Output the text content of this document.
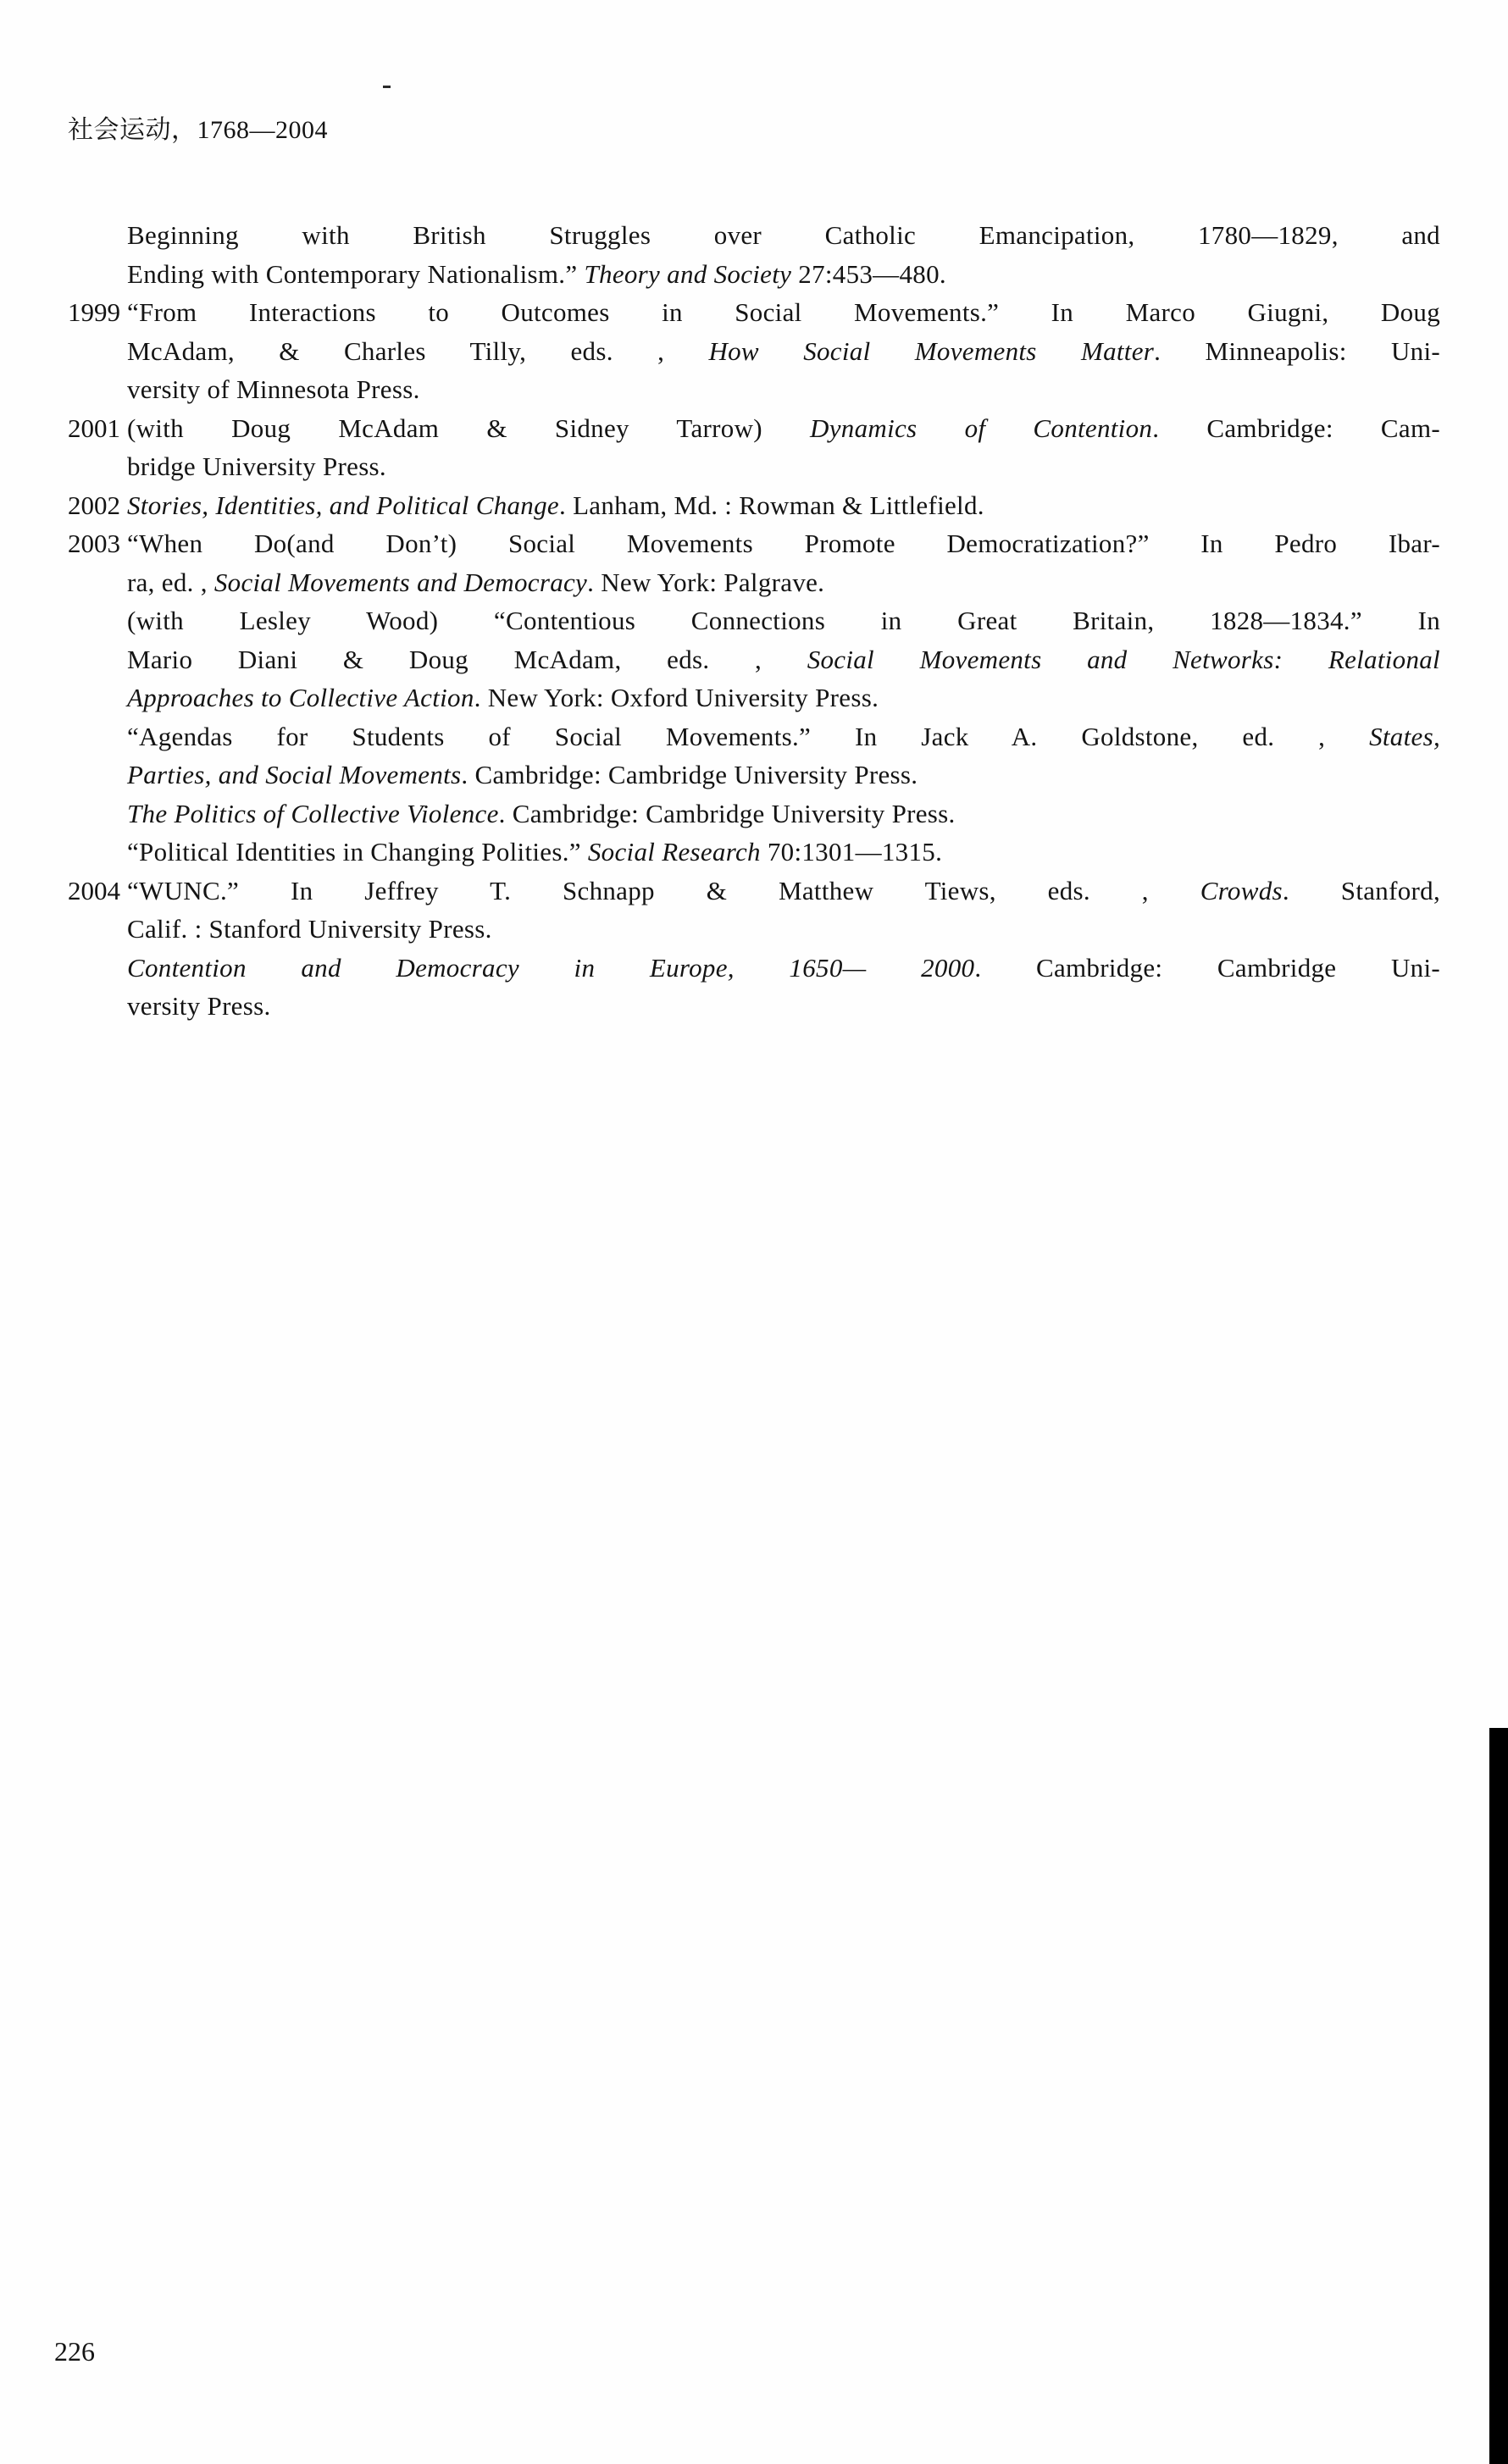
社会运动，1768—2004
Beginning with British Struggles over Catholic Emancipation, 1780—1829, and
Ending with Contemporary Nationalism.” Theory and Society 27:453—480.
1999 “From Interactions to Outcomes in Social Movements.” In Marco Giugni, Doug
McAdam, & Charles Tilly, eds. , How Social Movements Matter. Minneapolis: Uni-
versity of Minnesota Press.
2001 (with Doug McAdam & Sidney Tarrow) Dynamics of Contention. Cambridge: Cam-
bridge University Press.
2002 Stories, Identities, and Political Change. Lanham, Md. : Rowman & Littlefield.
2003 “When Do(and Don’t) Social Movements Promote Democratization?” In Pedro Ibar-
ra, ed. , Social Movements and Democracy. New York: Palgrave.
(with Lesley Wood) “Contentious Connections in Great Britain, 1828—1834.” In
Mario Diani & Doug McAdam, eds. , Social Movements and Networks: Relational
Approaches to Collective Action. New York: Oxford University Press.
“Agendas for Students of Social Movements.” In Jack A. Goldstone, ed. , States,
Parties, and Social Movements. Cambridge: Cambridge University Press.
The Politics of Collective Violence. Cambridge: Cambridge University Press.
“Political Identities in Changing Polities.” Social Research 70:1301—1315.
2004 “WUNC.” In Jeffrey T. Schnapp & Matthew Tiews, eds. , Crowds. Stanford,
Calif. : Stanford University Press.
Contention and Democracy in Europe, 1650— 2000. Cambridge: Cambridge Uni-
versity Press.
226
